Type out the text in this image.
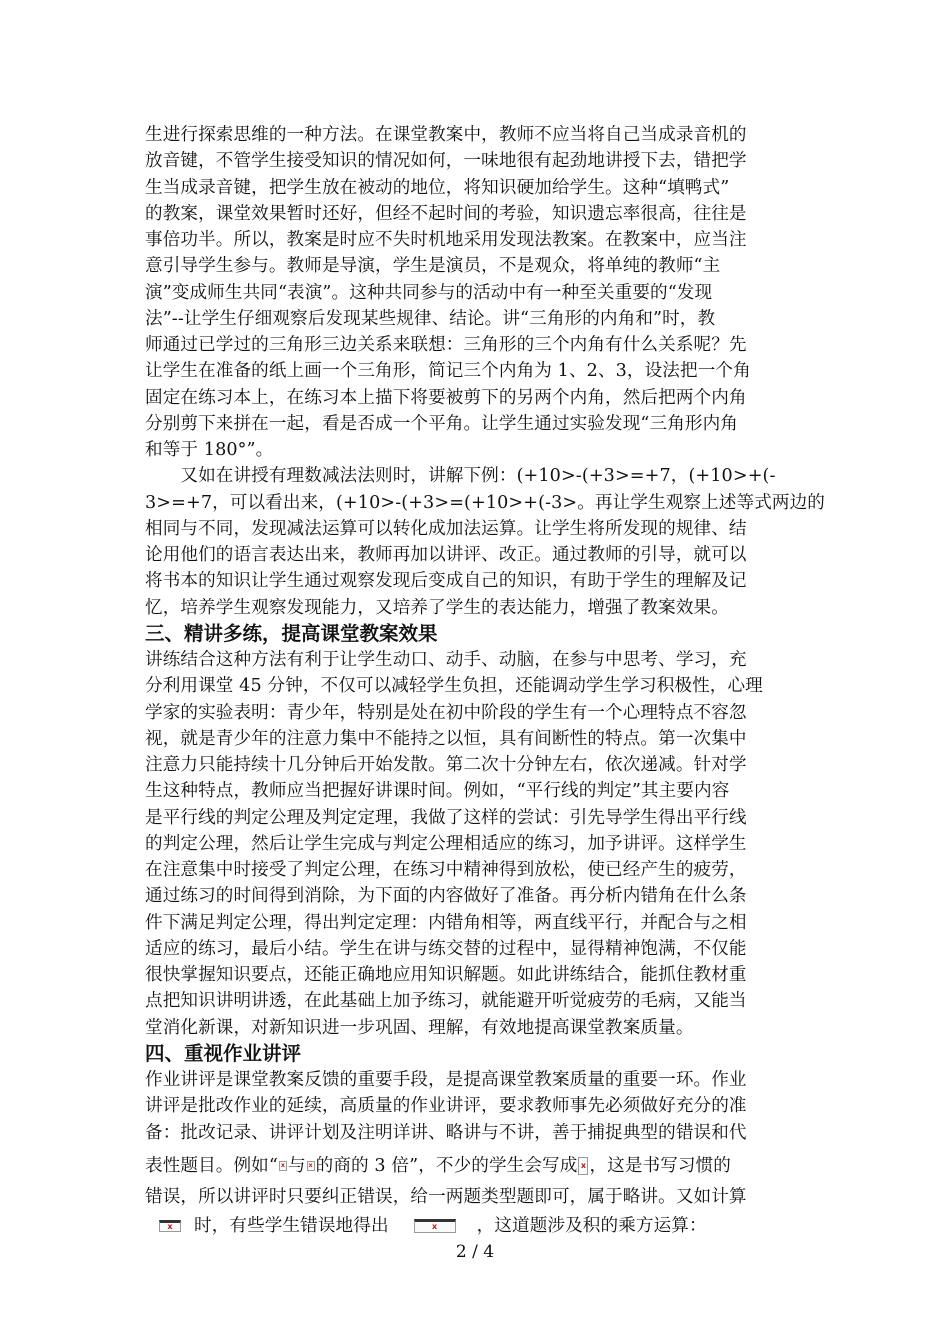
生进行探索思维的一种方法。在课堂教案中，教师不应当将自己当成录音机的
放音键，不管学生接受知识的情况如何，一味地很有起劲地讲授下去，错把学
生当成录音键，把学生放在被动的地位，将知识硬加给学生。这种“填鸭式”
的教案，课堂效果暂时还好，但经不起时间的考验，知识遗忘率很高，往往是
事倍功半。所以，教案是时应不失时机地采用发现法教案。在教案中，应当注
意引导学生参与。教师是导演，学生是演员，不是观众，将单纯的教师“主
演”变成师生共同“表演”。这种共同参与的活动中有一种至关重要的“发现
法”--让学生仔细观察后发现某些规律、结论。讲“三角形的内角和”时，教
师通过已学过的三角形三边关系来联想：三角形的三个内角有什么关系呢？先
让学生在准备的纸上画一个三角形，简记三个内角为 1、2、3，设法把一个角
固定在练习本上，在练习本上描下将要被剪下的另两个内角，然后把两个内角
分别剪下来拼在一起，看是否成一个平角。让学生通过实验发现“三角形内角
和等于 180°”。
　　又如在讲授有理数减法法则时，讲解下例：(+10>-(+3>=+7，(+10>+(-
3>=+7，可以看出来，(+10>-(+3>=(+10>+(-3>。再让学生观察上述等式两边的
相同与不同，发现减法运算可以转化成加法运算。让学生将所发现的规律、结
论用他们的语言表达出来，教师再加以讲评、改正。通过教师的引导，就可以
将书本的知识让学生通过观察发现后变成自己的知识，有助于学生的理解及记
忆，培养学生观察发现能力，又培养了学生的表达能力，增强了教案效果。
三、精讲多练，提高课堂教案效果
讲练结合这种方法有利于让学生动口、动手、动脑，在参与中思考、学习，充
分利用课堂 45 分钟，不仅可以减轻学生负担，还能调动学生学习积极性，心理
学家的实验表明：青少年，特别是处在初中阶段的学生有一个心理特点不容忽
视，就是青少年的注意力集中不能持之以恒，具有间断性的特点。第一次集中
注意力只能持续十几分钟后开始发散。第二次十分钟左右，依次递减。针对学
生这种特点，教师应当把握好讲课时间。例如，“平行线的判定”其主要内容
是平行线的判定公理及判定定理，我做了这样的尝试：引先导学生得出平行线
的判定公理，然后让学生完成与判定公理相适应的练习，加予讲评。这样学生
在注意集中时接受了判定公理，在练习中精神得到放松，使已经产生的疲劳，
通过练习的时间得到消除，为下面的内容做好了准备。再分析内错角在什么条
件下满足判定公理，得出判定定理：内错角相等，两直线平行，并配合与之相
适应的练习，最后小结。学生在讲与练交替的过程中，显得精神饱满，不仅能
很快掌握知识要点，还能正确地应用知识解题。如此讲练结合，能抓住教材重
点把知识讲明讲透，在此基础上加予练习，就能避开听觉疲劳的毛病，又能当
堂消化新课，对新知识进一步巩固、理解，有效地提高课堂教案质量。
四、重视作业讲评
作业讲评是课堂教案反馈的重要手段，是提高课堂教案质量的重要一环。作业
讲评是批改作业的延续，高质量的作业讲评，要求教师事先必须做好充分的准
备：批改记录、讲评计划及注明详讲、略讲与不讲，善于捕捉典型的错误和代
表性题目。例如“ x 与 x 的商的 3 倍”，不少的学生会写成 x ，这是书写习惯的
错误，所以讲评时只要纠正错误，给一两题类型题即可，属于略讲。又如计算
x 时，有些学生错误地得出	x ，这道题涉及积的乘方运算：
2 / 4
